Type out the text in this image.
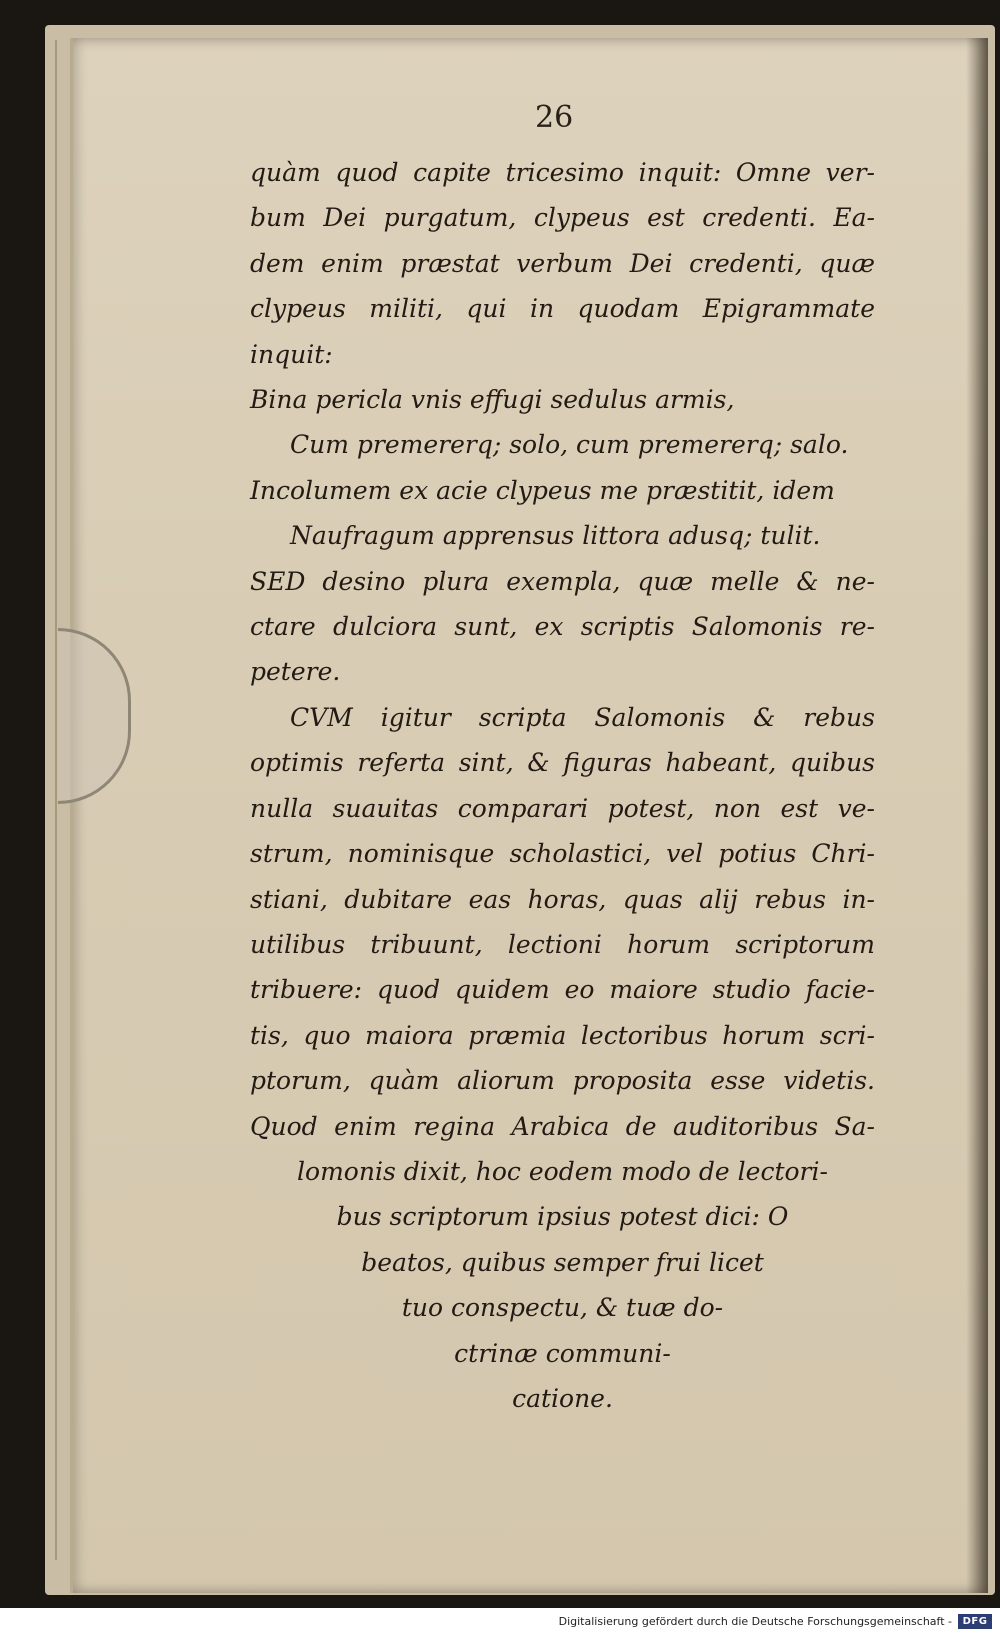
26
quàm quod capite tricesimo inquit: Omne ver-
bum Dei purgatum, clypeus est credenti. Ea-
dem enim præstat verbum Dei credenti, quæ
clypeus militi, qui in quodam Epigrammate
inquit:
Bina pericla vnis effugi sedulus armis,
Cum premererq; solo, cum premererq; salo.
Incolumem ex acie clypeus me præstitit, idem
Naufragum apprensus littora adusq; tulit.
SED desino plura exempla, quæ melle & ne-
ctare dulciora sunt, ex scriptis Salomonis re-
petere.
CVM igitur scripta Salomonis & rebus
optimis referta sint, & figuras habeant, quibus
nulla suauitas comparari potest, non est ve-
strum, nominisque scholastici, vel potius Chri-
stiani, dubitare eas horas, quas alij rebus in-
utilibus tribuunt, lectioni horum scriptorum
tribuere: quod quidem eo maiore studio facie-
tis, quo maiora præmia lectoribus horum scri-
ptorum, quàm aliorum proposita esse videtis.
Quod enim regina Arabica de auditoribus Sa-
lomonis dixit, hoc eodem modo de lectori-
bus scriptorum ipsius potest dici: O
beatos, quibus semper frui licet
tuo conspectu, & tuæ do-
ctrinæ communi-
catione.
Digitalisierung gefördert durch die Deutsche Forschungsgemeinschaft -	DFG
